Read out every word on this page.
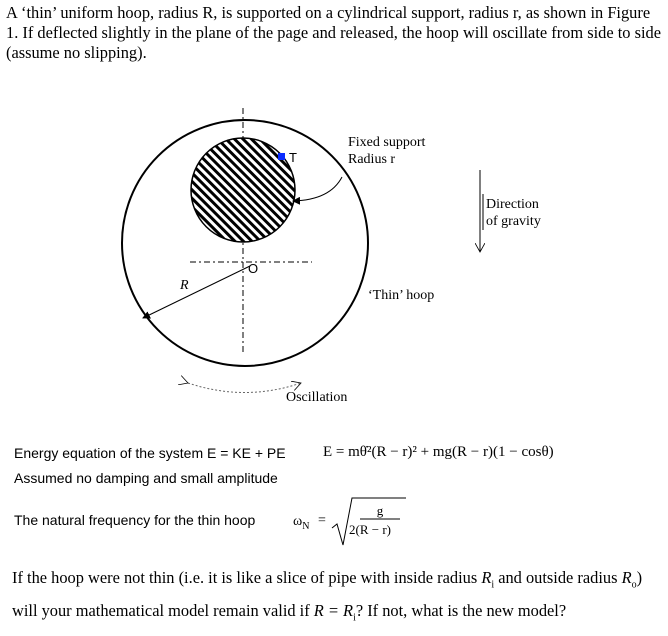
A ‘thin’ uniform hoop, radius R, is supported on a cylindrical support, radius r, as shown in Figure 1. If deflected slightly in the plane of the page and released, the hoop will oscillate from side to side (assume no slipping).

Fixed support
Radius r
Direction
of gravity
‘Thin’ hoop
T
O
R
Oscillation
Energy equation of the system E = KE + PE E = mθ̇²(R − r)² + mg(R − r)(1 − cosθ)
Assumed no damping and small amplitude
The natural frequency for the thin hoop	$\omega_N$ =
g
2(R − r)

If the hoop were not thin (i.e. it is like a slice of pipe with inside radius $R_i$ and outside radius $R_o$) will your mathematical model remain valid if $R = R_i$? If not, what is the new model?
